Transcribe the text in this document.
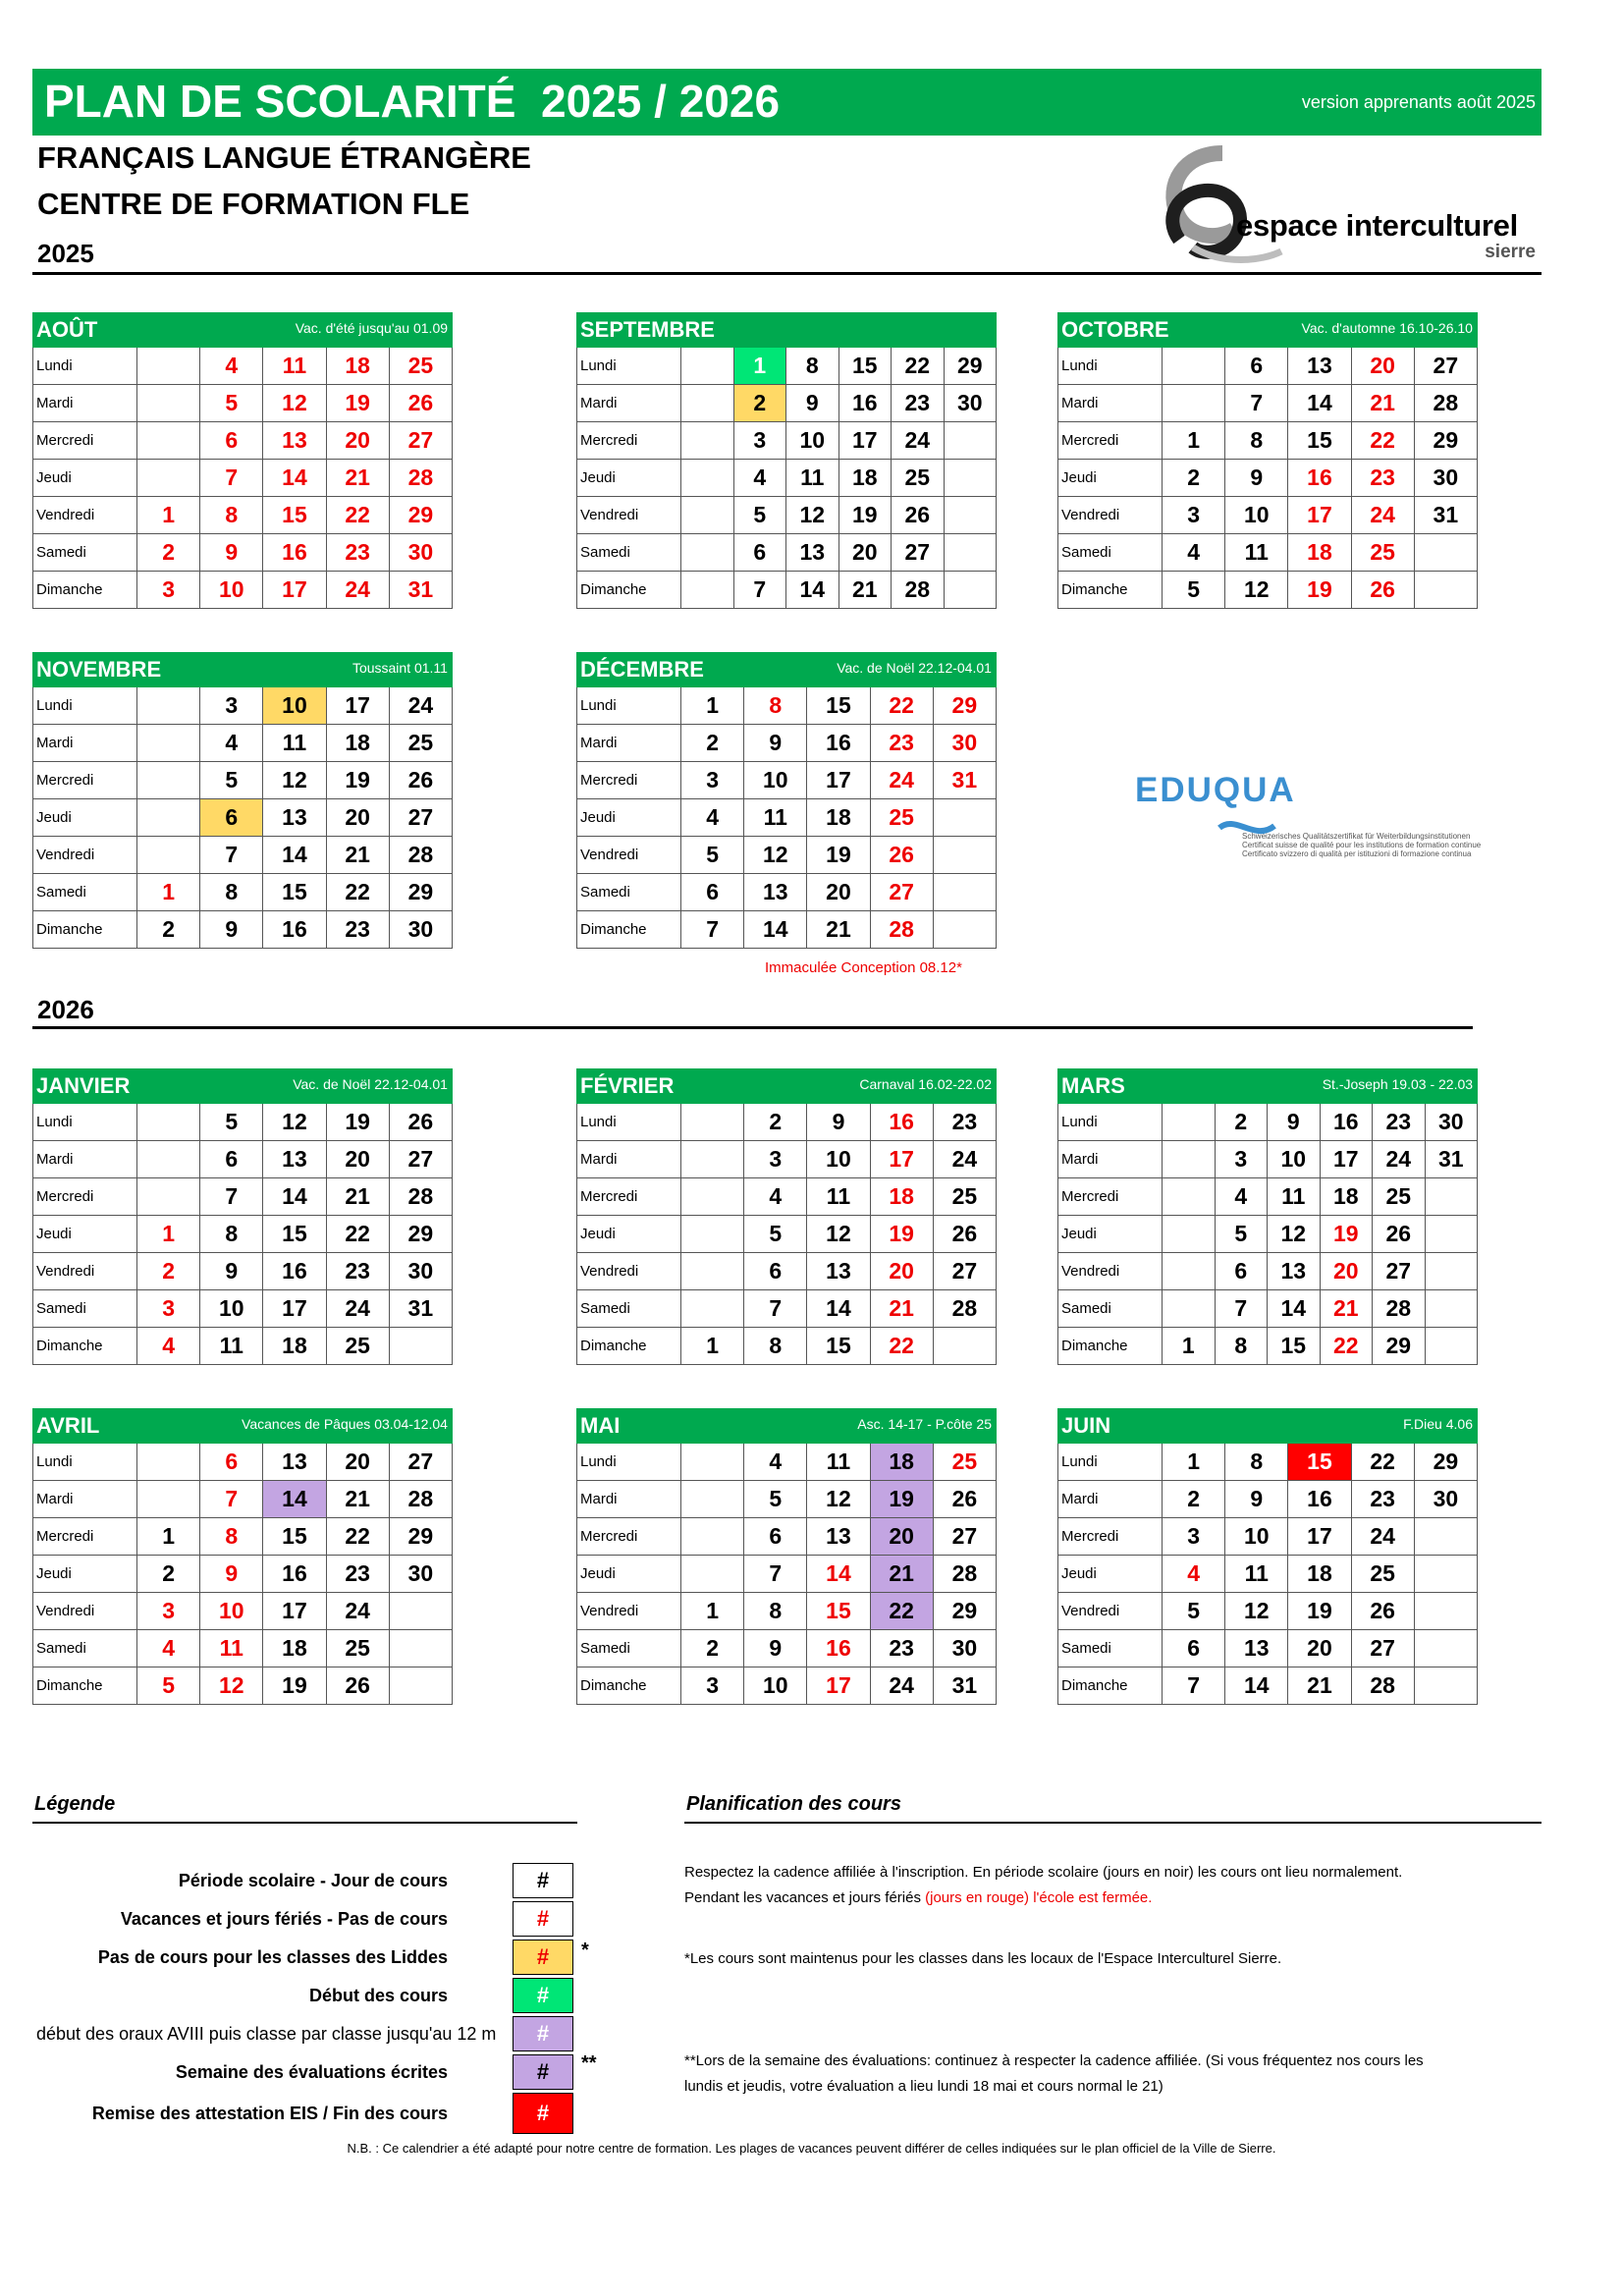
PLAN DE SCOLARITÉ  2025 / 2026	version apprenants août 2025
FRANÇAIS LANGUE ÉTRANGÈRE
CENTRE DE FORMATION FLE
2025
2026
espace interculturel
sierre
EDUQUA
Schweizerisches Qualitätszertifikat für Weiterbildungsinstitutionen
Certificat suisse de qualité pour les institutions de formation continue
Certificato svizzero di qualità per istituzioni di formazione continua
AOÛT Vac. d'été jusqu'au 01.09					

Lundi		4	11	18	25
Mardi		5	12	19	26
Mercredi		6	13	20	27
Jeudi		7	14	21	28
Vendredi	1	8	15	22	29
Samedi	2	9	16	23	30
Dimanche	3	10	17	24	31
SEPTEMBRE						

Lundi		1	8	15	22	29
Mardi		2	9	16	23	30
Mercredi		3	10	17	24	
Jeudi		4	11	18	25	
Vendredi		5	12	19	26	
Samedi		6	13	20	27	
Dimanche		7	14	21	28	
OCTOBRE Vac. d'automne 16.10-26.10					

Lundi		6	13	20	27
Mardi		7	14	21	28
Mercredi	1	8	15	22	29
Jeudi	2	9	16	23	30
Vendredi	3	10	17	24	31
Samedi	4	11	18	25	
Dimanche	5	12	19	26	
NOVEMBRE Toussaint 01.11					

Lundi		3	10	17	24
Mardi		4	11	18	25
Mercredi		5	12	19	26
Jeudi		6	13	20	27
Vendredi		7	14	21	28
Samedi	1	8	15	22	29
Dimanche	2	9	16	23	30
DÉCEMBRE Vac. de Noël 22.12-04.01					

Lundi	1	8	15	22	29
Mardi	2	9	16	23	30
Mercredi	3	10	17	24	31
Jeudi	4	11	18	25	
Vendredi	5	12	19	26	
Samedi	6	13	20	27	
Dimanche	7	14	21	28	
JANVIER Vac. de Noël 22.12-04.01					

Lundi		5	12	19	26
Mardi		6	13	20	27
Mercredi		7	14	21	28
Jeudi	1	8	15	22	29
Vendredi	2	9	16	23	30
Samedi	3	10	17	24	31
Dimanche	4	11	18	25	
FÉVRIER Carnaval 16.02-22.02					

Lundi		2	9	16	23
Mardi		3	10	17	24
Mercredi		4	11	18	25
Jeudi		5	12	19	26
Vendredi		6	13	20	27
Samedi		7	14	21	28
Dimanche	1	8	15	22	
MARS St.-Joseph 19.03 - 22.03						

Lundi		2	9	16	23	30
Mardi		3	10	17	24	31
Mercredi		4	11	18	25	
Jeudi		5	12	19	26	
Vendredi		6	13	20	27	
Samedi		7	14	21	28	
Dimanche	1	8	15	22	29	
AVRIL Vacances de Pâques 03.04-12.04					

Lundi		6	13	20	27
Mardi		7	14	21	28
Mercredi	1	8	15	22	29
Jeudi	2	9	16	23	30
Vendredi	3	10	17	24	
Samedi	4	11	18	25	
Dimanche	5	12	19	26	
MAI Asc. 14-17 - P.côte 25					

Lundi		4	11	18	25
Mardi		5	12	19	26
Mercredi		6	13	20	27
Jeudi		7	14	21	28
Vendredi	1	8	15	22	29
Samedi	2	9	16	23	30
Dimanche	3	10	17	24	31
JUIN F.Dieu 4.06					

Lundi	1	8	15	22	29
Mardi	2	9	16	23	30
Mercredi	3	10	17	24	
Jeudi	4	11	18	25	
Vendredi	5	12	19	26	
Samedi	6	13	20	27	
Dimanche	7	14	21	28	
Immaculée Conception 08.12*
Légende	Planification des cours
Période scolaire - Jour de cours
Vacances et jours fériés - Pas de cours
Pas de cours pour les classes des Liddes
Début des cours
début des oraux AVIII puis classe par classe jusqu'au 12 m
Semaine des évaluations écrites
Remise des attestation EIS / Fin des cours
#
#
#
#
#
#
#
*
**
Respectez la cadence affiliée à l'inscription. En période scolaire (jours en noir) les cours ont lieu normalement.
Pendant les vacances et jours fériés (jours en rouge) l'école est fermée.
*Les cours sont maintenus pour les classes dans les locaux de l'Espace Interculturel Sierre.
**Lors de la semaine des évaluations: continuez à respecter la cadence affiliée. (Si vous fréquentez nos cours les
lundis et jeudis, votre évaluation a lieu lundi 18 mai et cours normal le 21)
N.B. : Ce calendrier a été adapté pour notre centre de formation. Les plages de vacances peuvent différer de celles indiquées sur le plan officiel de la Ville de Sierre.
